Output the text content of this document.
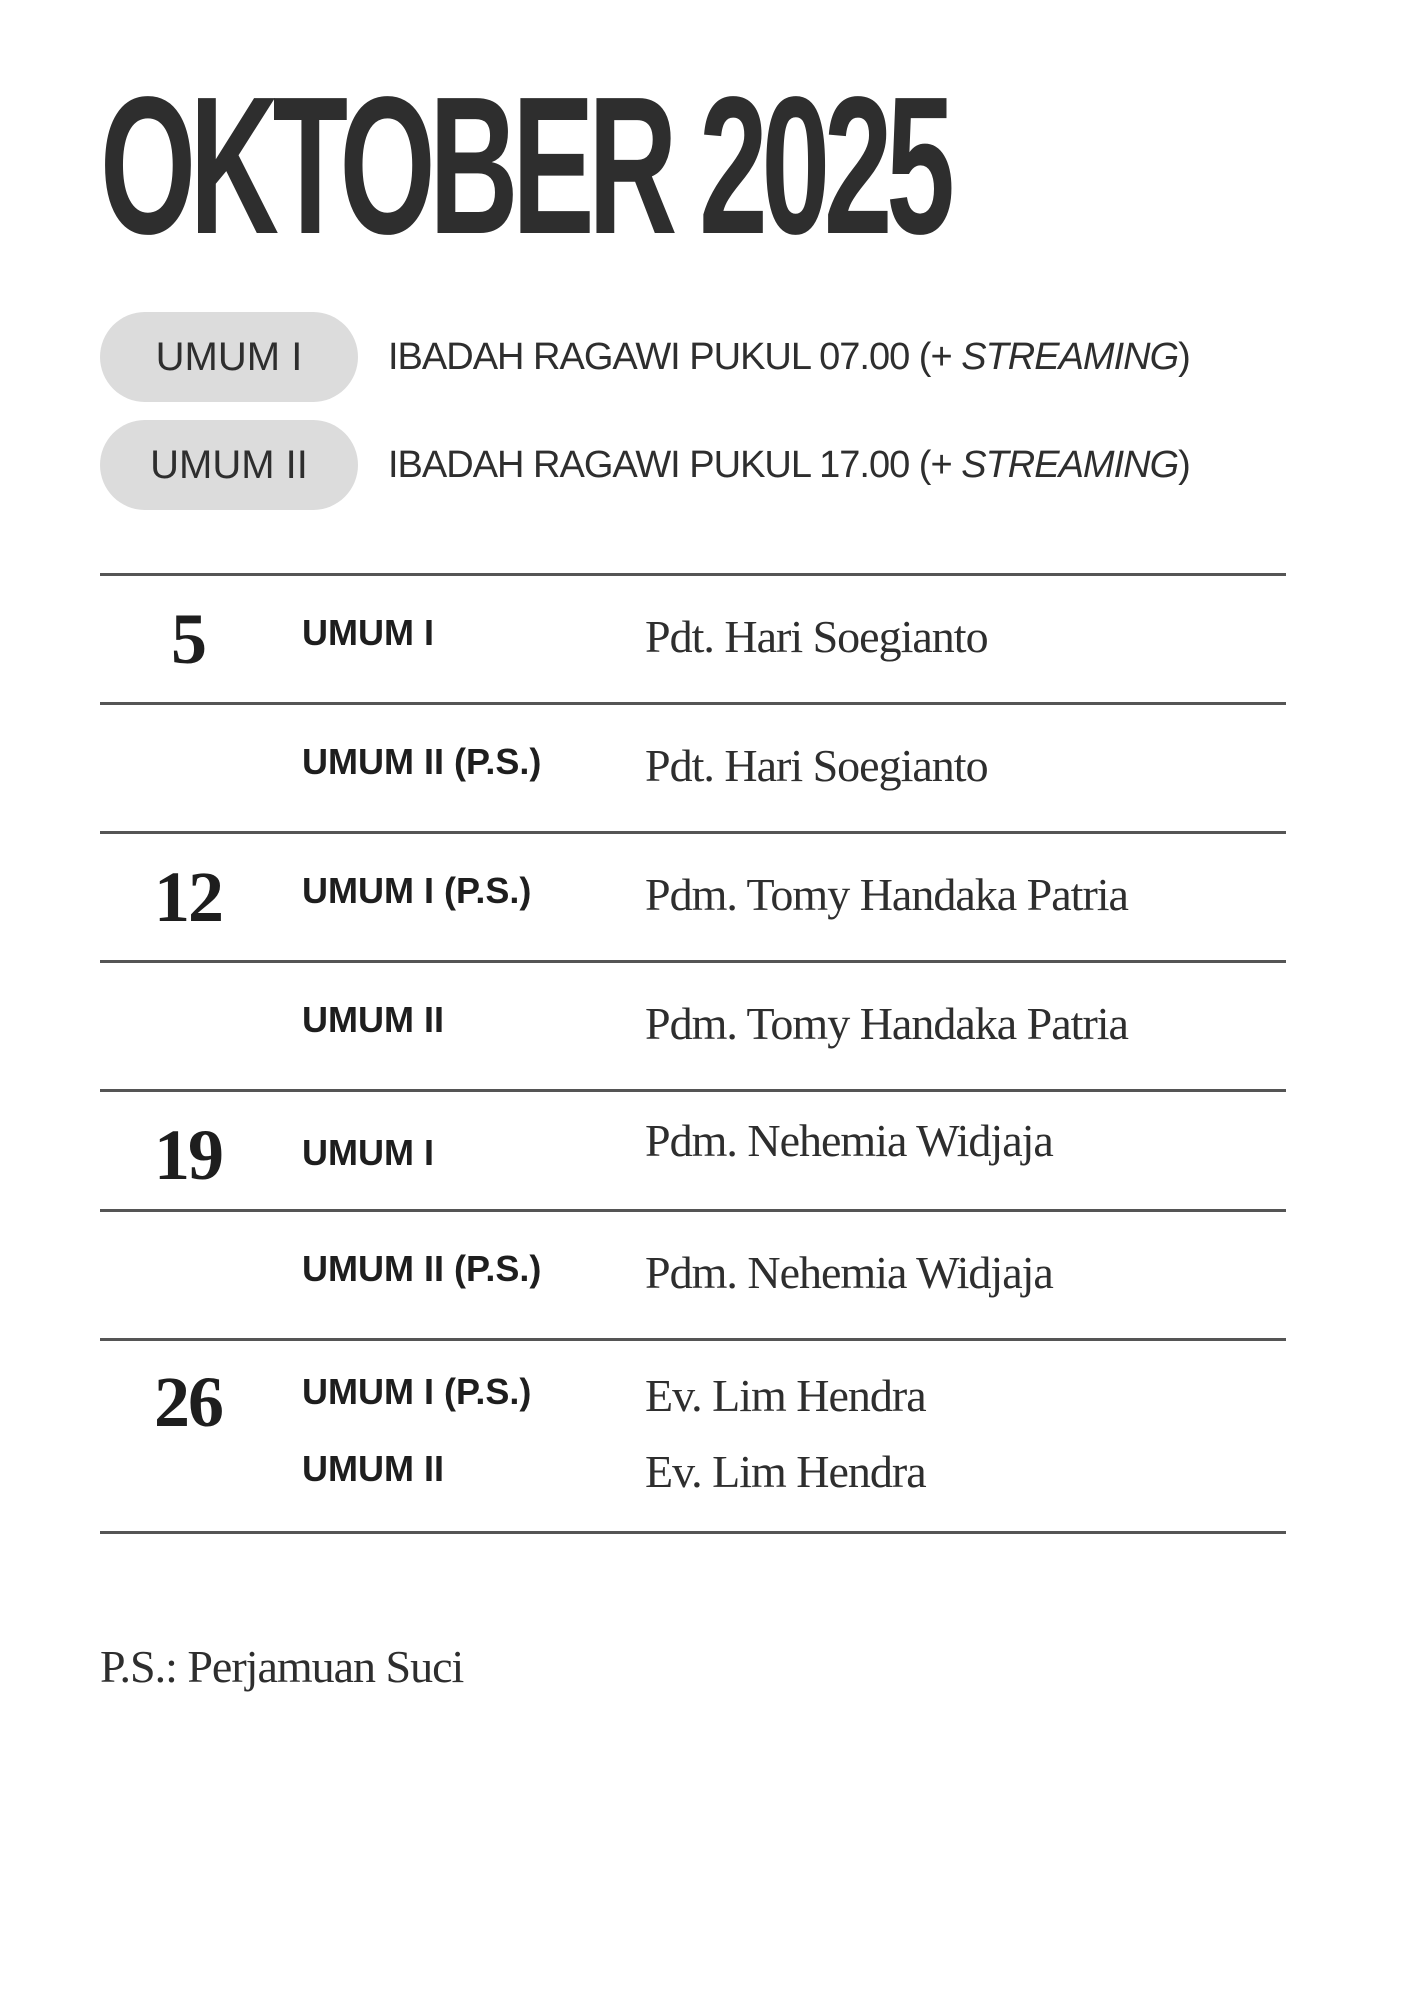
OKTOBER 2025
UMUM I	IBADAH RAGAWI PUKUL 07.00 (+ STREAMING)
UMUM II	IBADAH RAGAWI PUKUL 17.00 (+ STREAMING)
5	UMUM I	Pdt. Hari Soegianto
UMUM II (P.S.) Pdt. Hari Soegianto
12	UMUM I (P.S.) Pdm. Tomy Handaka Patria
UMUM II	Pdm. Tomy Handaka Patria
19	UMUM I	Pdm. Nehemia Widjaja
UMUM II (P.S.) Pdm. Nehemia Widjaja
26	UMUM I (P.S.) Ev. Lim Hendra
UMUM II	Ev. Lim Hendra
P.S.: Perjamuan Suci
